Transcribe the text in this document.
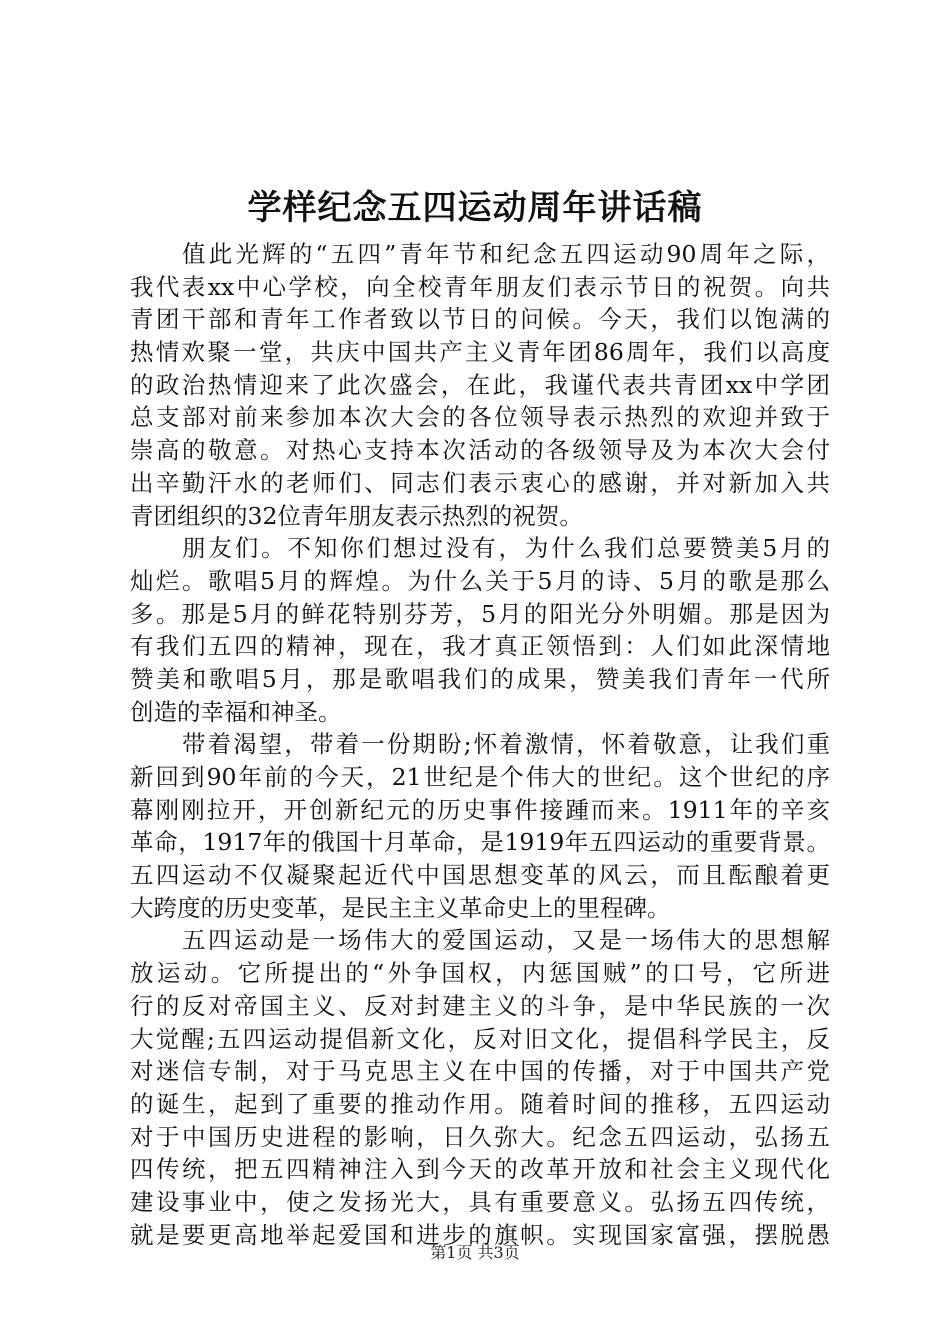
学样纪念五四运动周年讲话稿
值此光辉的“五四”青年节和纪念五四运动90周年之际，
我代表xx中心学校，向全校青年朋友们表示节日的祝贺。向共
青团干部和青年工作者致以节日的问候。今天，我们以饱满的
热情欢聚一堂，共庆中国共产主义青年团86周年，我们以高度
的政治热情迎来了此次盛会，在此，我谨代表共青团xx中学团
总支部对前来参加本次大会的各位领导表示热烈的欢迎并致于
崇高的敬意。对热心支持本次活动的各级领导及为本次大会付
出辛勤汗水的老师们、同志们表示衷心的感谢，并对新加入共
青团组织的32位青年朋友表示热烈的祝贺。
朋友们。不知你们想过没有，为什么我们总要赞美5月的
灿烂。歌唱5月的辉煌。为什么关于5月的诗、5月的歌是那么
多。那是5月的鲜花特别芬芳，5月的阳光分外明媚。那是因为
有我们五四的精神，现在，我才真正领悟到：人们如此深情地
赞美和歌唱5月，那是歌唱我们的成果，赞美我们青年一代所
创造的幸福和神圣。
带着渴望，带着一份期盼;怀着激情，怀着敬意，让我们重
新回到90年前的今天，21世纪是个伟大的世纪。这个世纪的序
幕刚刚拉开，开创新纪元的历史事件接踵而来。1911年的辛亥
革命，1917年的俄国十月革命，是1919年五四运动的重要背景。
五四运动不仅凝聚起近代中国思想变革的风云，而且酝酿着更
大跨度的历史变革，是民主主义革命史上的里程碑。
五四运动是一场伟大的爱国运动，又是一场伟大的思想解
放运动。它所提出的“外争国权，内惩国贼”的口号，它所进
行的反对帝国主义、反对封建主义的斗争，是中华民族的一次
大觉醒;五四运动提倡新文化，反对旧文化，提倡科学民主，反
对迷信专制，对于马克思主义在中国的传播，对于中国共产党
的诞生，起到了重要的推动作用。随着时间的推移，五四运动
对于中国历史进程的影响，日久弥大。纪念五四运动，弘扬五
四传统，把五四精神注入到今天的改革开放和社会主义现代化
建设事业中，使之发扬光大，具有重要意义。弘扬五四传统，
就是要更高地举起爱国和进步的旗帜。实现国家富强，摆脱愚
第1页 共3页
